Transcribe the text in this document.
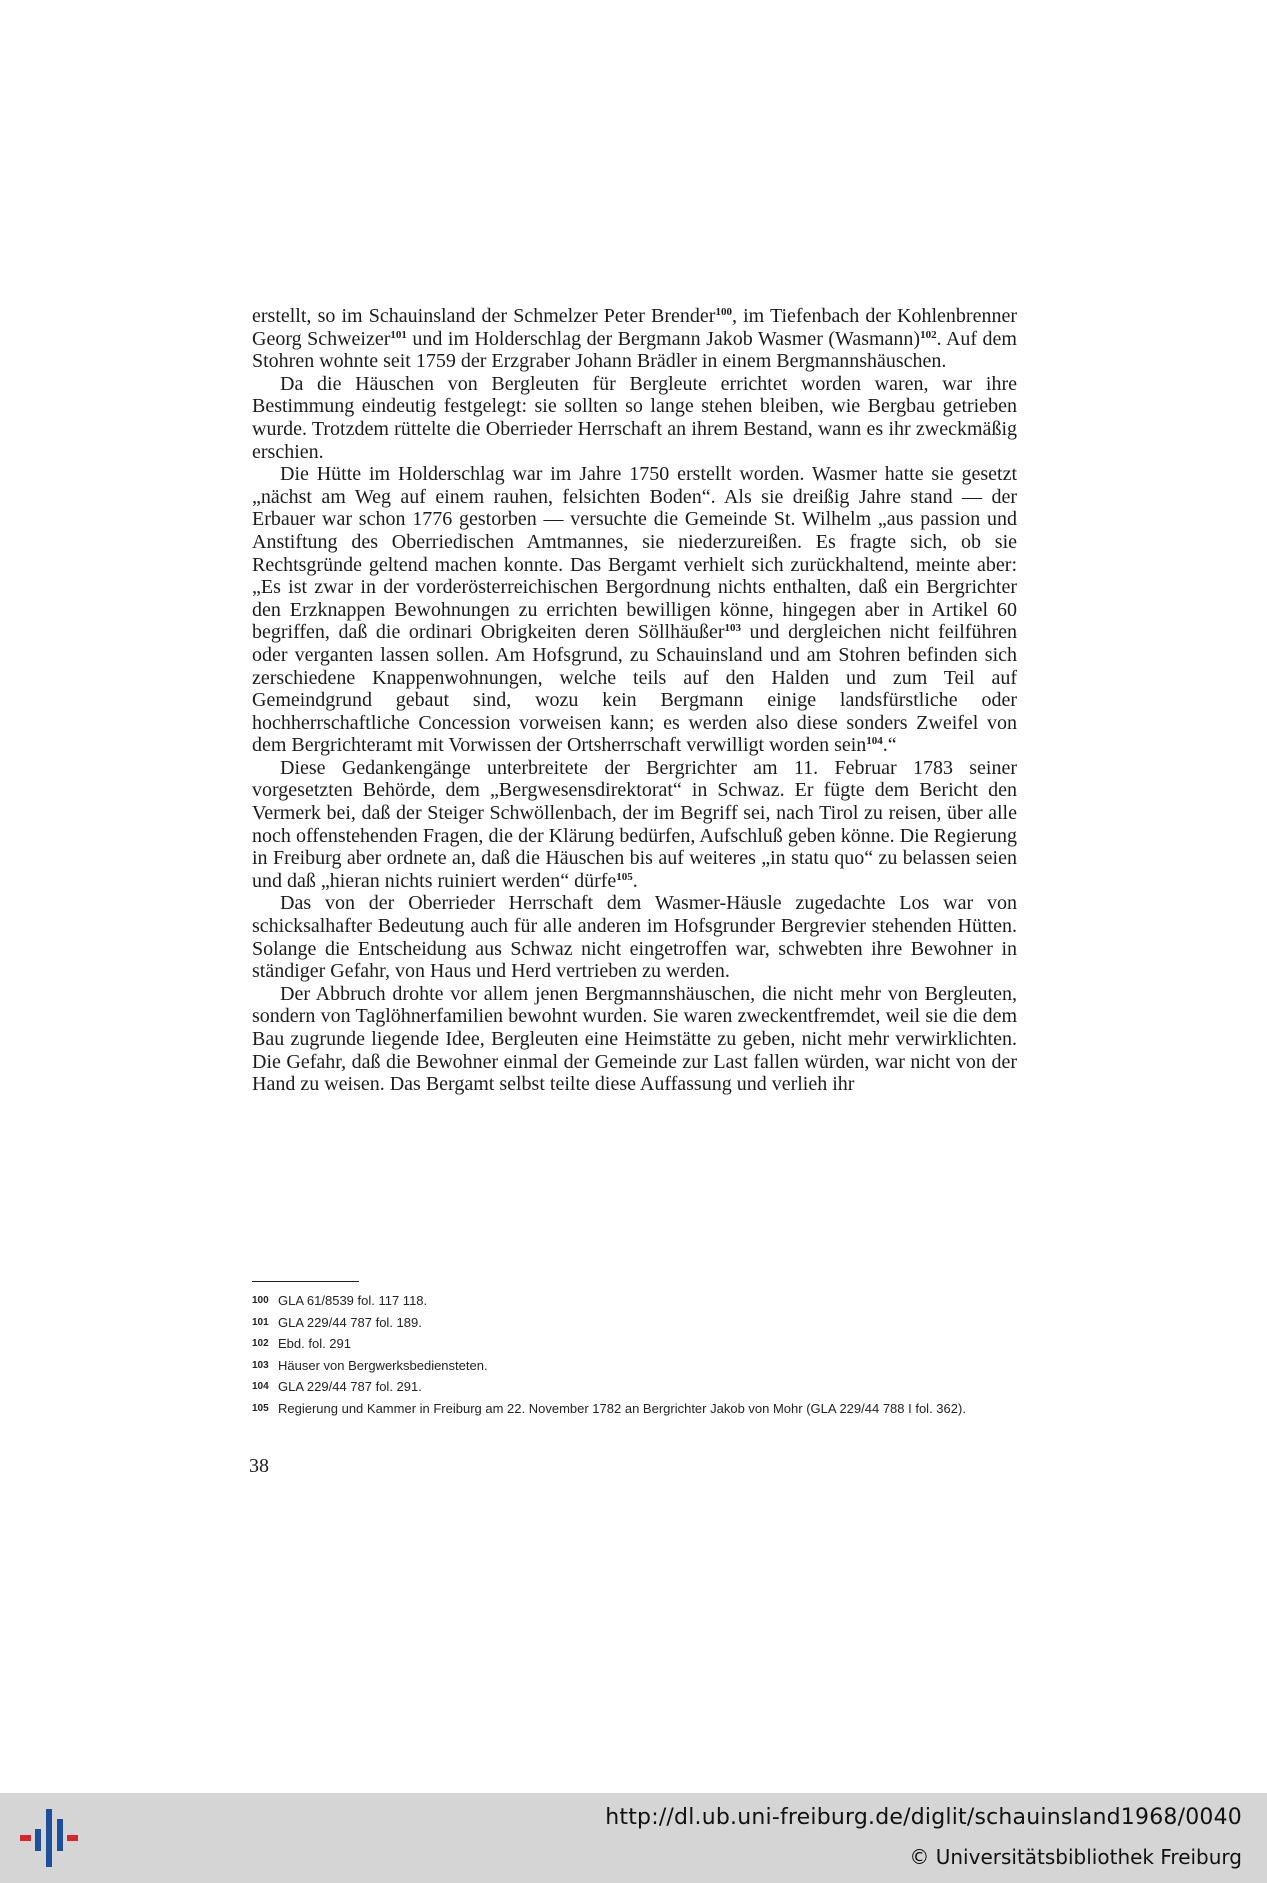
erstellt, so im Schauinsland der Schmelzer Peter Brender$^{100}$, im Tiefenbach der Kohlenbrenner Georg Schweizer$^{101}$ und im Holderschlag der Bergmann Jakob Wasmer (Wasmann)$^{102}$. Auf dem Stohren wohnte seit 1759 der Erzgraber Johann Brädler in einem Bergmannshäuschen.

Da die Häuschen von Bergleuten für Bergleute errichtet worden waren, war ihre Bestimmung eindeutig festgelegt: sie sollten so lange stehen bleiben, wie Bergbau getrieben wurde. Trotzdem rüttelte die Oberrieder Herrschaft an ihrem Bestand, wann es ihr zweckmäßig erschien.

Die Hütte im Holderschlag war im Jahre 1750 erstellt worden. Wasmer hatte sie gesetzt „nächst am Weg auf einem rauhen, felsichten Boden“. Als sie dreißig Jahre stand — der Erbauer war schon 1776 gestorben — versuchte die Gemeinde St. Wilhelm „aus passion und Anstiftung des Oberriedischen Amtmannes, sie niederzureißen. Es fragte sich, ob sie Rechtsgründe geltend machen konnte. Das Bergamt verhielt sich zurückhaltend, meinte aber: „Es ist zwar in der vorderösterreichischen Bergordnung nichts enthalten, daß ein Bergrichter den Erzknappen Bewohnungen zu errichten bewilligen könne, hingegen aber in Artikel 60 begriffen, daß die ordinari Obrigkeiten deren Söllhäußer$^{103}$ und dergleichen nicht feilführen oder verganten lassen sollen. Am Hofsgrund, zu Schauinsland und am Stohren befinden sich zerschiedene Knappenwohnungen, welche teils auf den Halden und zum Teil auf Gemeindgrund gebaut sind, wozu kein Bergmann einige landsfürstliche oder hochherrschaftliche Concession vorweisen kann; es werden also diese sonders Zweifel von dem Bergrichteramt mit Vorwissen der Ortsherrschaft verwilligt worden sein$^{104}$.“

Diese Gedankengänge unterbreitete der Bergrichter am 11. Februar 1783 seiner vorgesetzten Behörde, dem „Bergwesensdirektorat“ in Schwaz. Er fügte dem Bericht den Vermerk bei, daß der Steiger Schwöllenbach, der im Begriff sei, nach Tirol zu reisen, über alle noch offenstehenden Fragen, die der Klärung bedürfen, Aufschluß geben könne. Die Regierung in Freiburg aber ordnete an, daß die Häuschen bis auf weiteres „in statu quo“ zu belassen seien und daß „hieran nichts ruiniert werden“ dürfe$^{105}$.

Das von der Oberrieder Herrschaft dem Wasmer-Häusle zugedachte Los war von schicksalhafter Bedeutung auch für alle anderen im Hofsgrunder Bergrevier stehenden Hütten. Solange die Entscheidung aus Schwaz nicht eingetroffen war, schwebten ihre Bewohner in ständiger Gefahr, von Haus und Herd vertrieben zu werden.

Der Abbruch drohte vor allem jenen Bergmannshäuschen, die nicht mehr von Bergleuten, sondern von Taglöhnerfamilien bewohnt wurden. Sie waren zweckentfremdet, weil sie die dem Bau zugrunde liegende Idee, Bergleuten eine Heimstätte zu geben, nicht mehr verwirklichten. Die Gefahr, daß die Bewohner einmal der Gemeinde zur Last fallen würden, war nicht von der Hand zu weisen. Das Bergamt selbst teilte diese Auffassung und verlieh ihr

100 GLA 61/8539 fol. 117 118.
101 GLA 229/44 787 fol. 189.
102 Ebd. fol. 291
103 Häuser von Bergwerksbediensteten.
104 GLA 229/44 787 fol. 291.
105 Regierung und Kammer in Freiburg am 22. November 1782 an Bergrichter Jakob von Mohr (GLA 229/44 788 I fol. 362).
38
http://dl.ub.uni-freiburg.de/diglit/schauinsland1968/0040
© Universitätsbibliothek Freiburg
